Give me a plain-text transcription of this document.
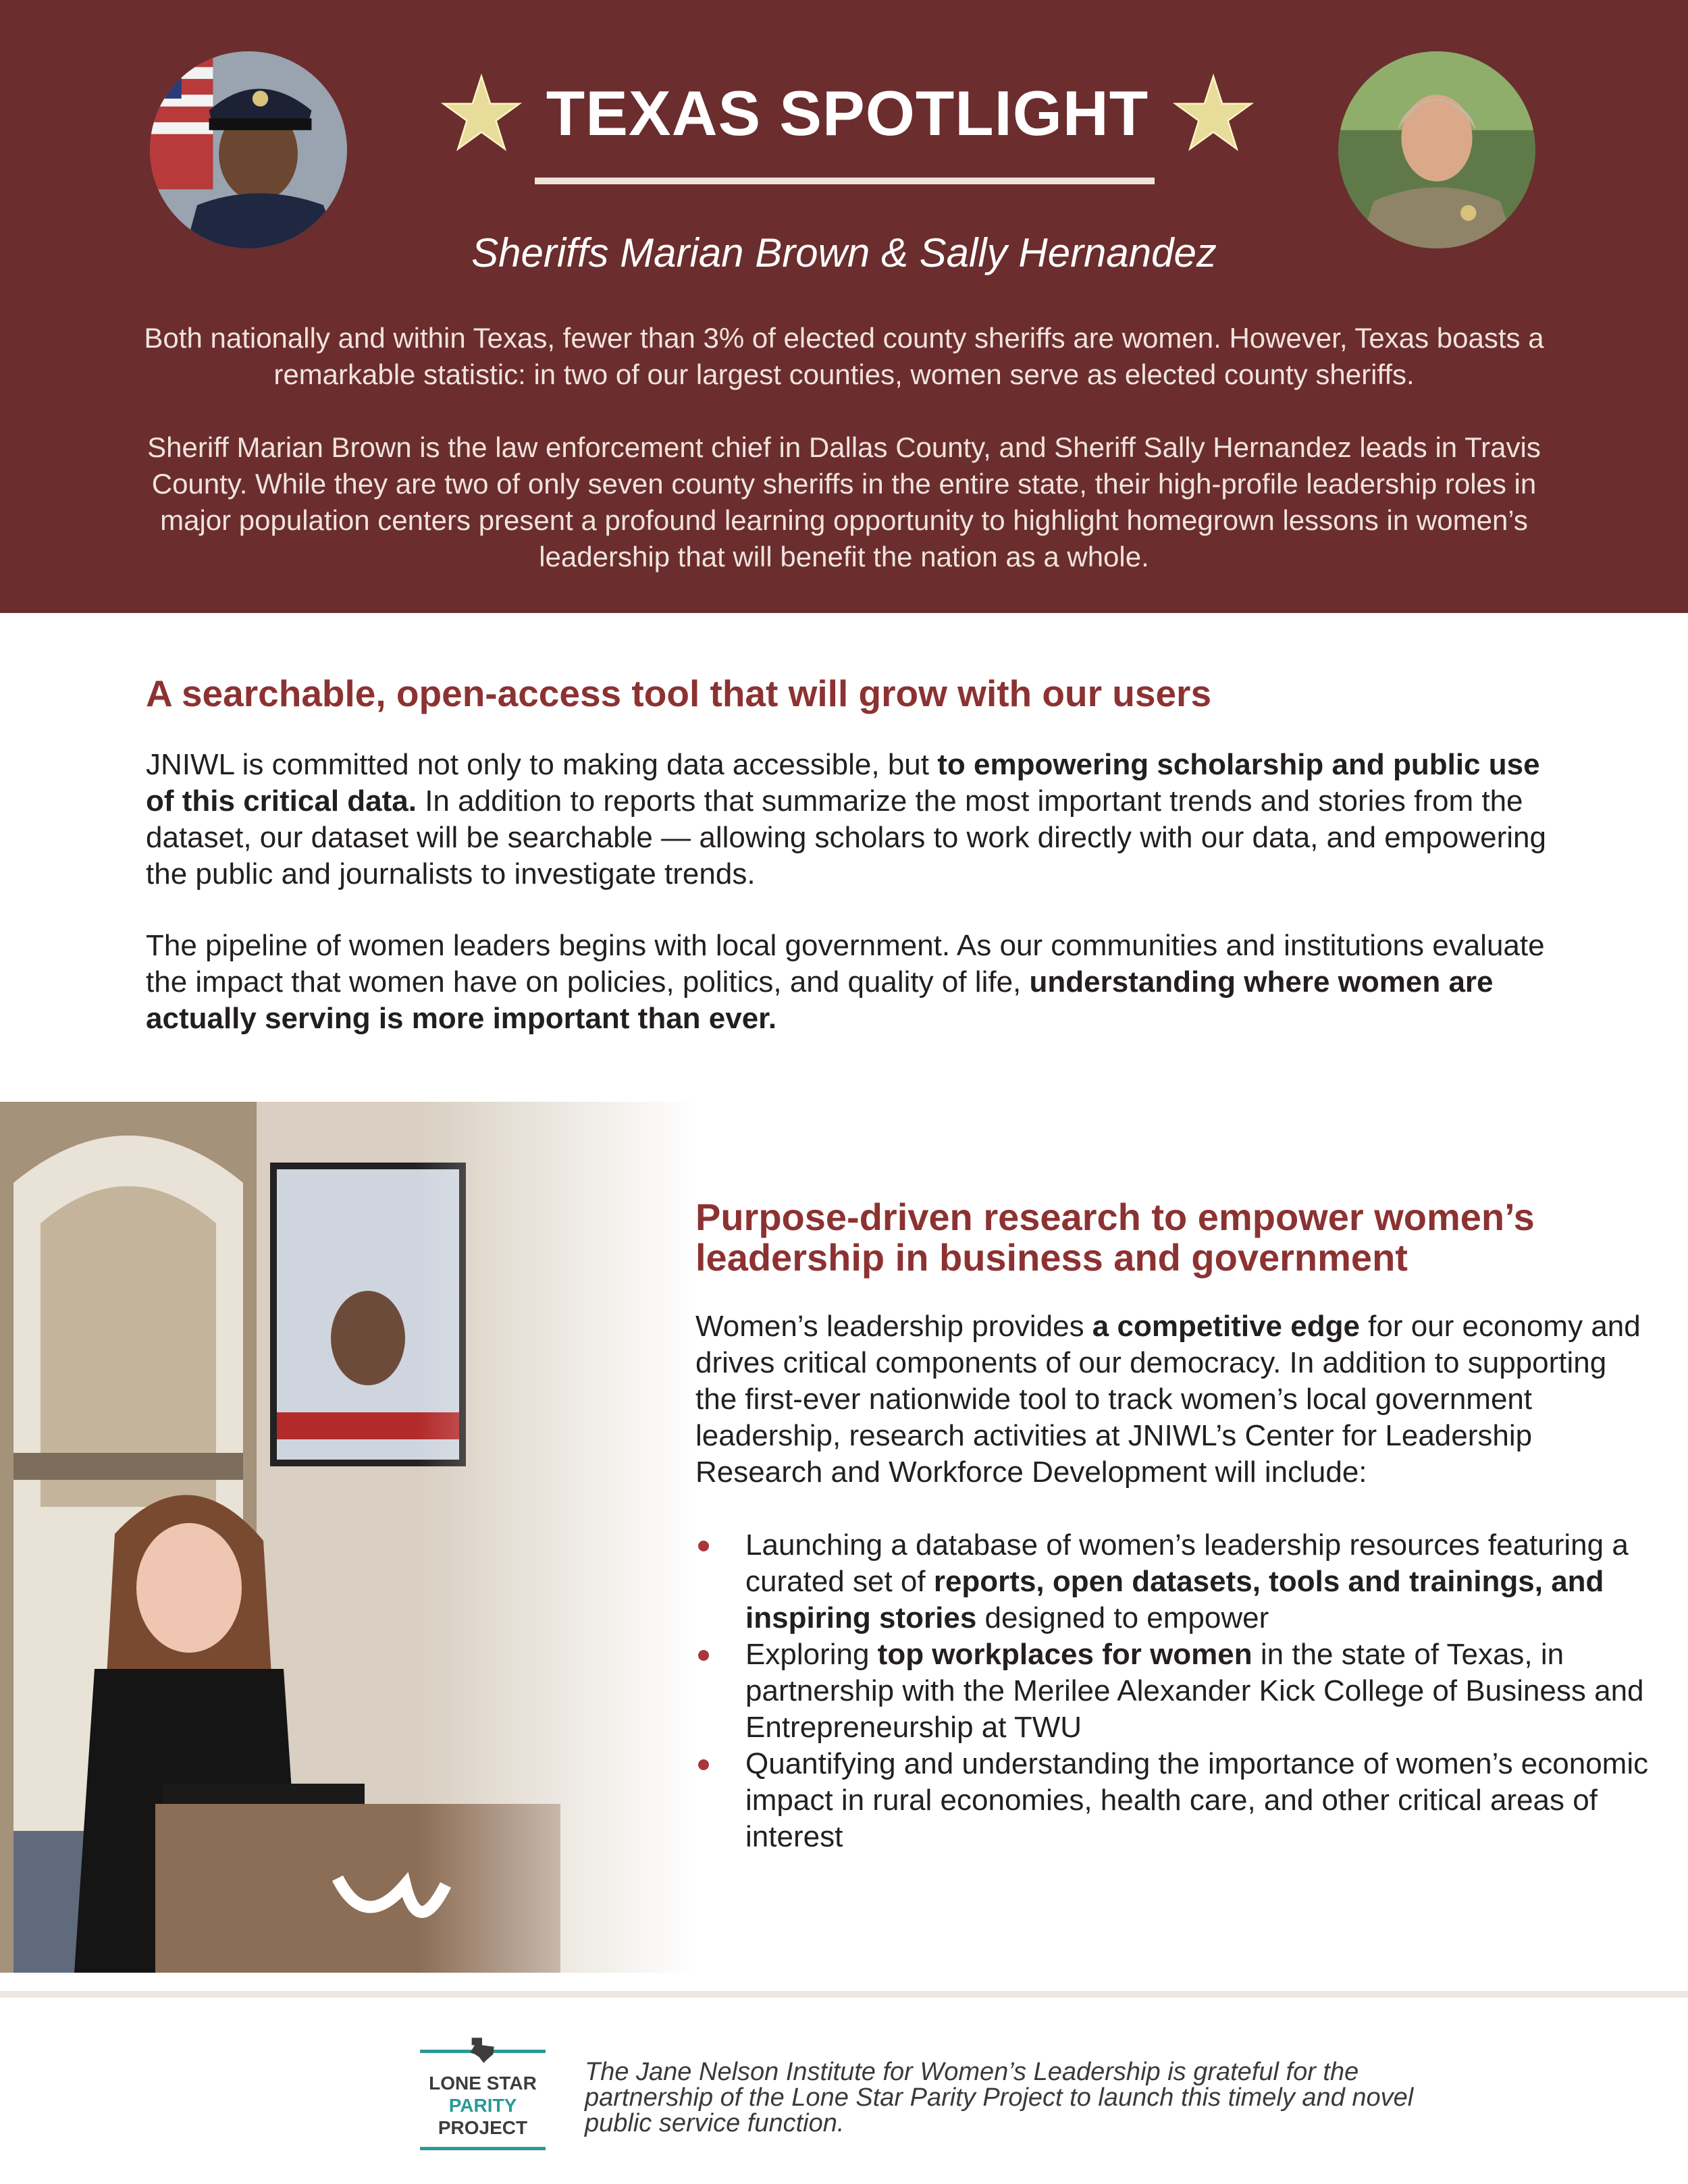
TEXAS SPOTLIGHT
Sheriffs Marian Brown & Sally Hernandez

Both nationally and within Texas, fewer than 3% of elected county sheriffs are women. However, Texas boasts a remarkable statistic: in two of our largest counties, women serve as elected county sheriffs.

Sheriff Marian Brown is the law enforcement chief in Dallas County, and Sheriff Sally Hernandez leads in Travis County. While they are two of only seven county sheriffs in the entire state, their high-profile leadership roles in major population centers present a profound learning opportunity to highlight homegrown lessons in women’s leadership that will benefit the nation as a whole.

A searchable, open-access tool that will grow with our users

JNIWL is committed not only to making data accessible, but to empowering scholarship and public use of this critical data. In addition to reports that summarize the most important trends and stories from the dataset, our dataset will be searchable — allowing scholars to work directly with our data, and empowering the public and journalists to investigate trends.

The pipeline of women leaders begins with local government. As our communities and institutions evaluate the impact that women have on policies, politics, and quality of life, understanding where women are actually serving is more important than ever.

Purpose-driven research to empower women’s leadership in business and government

Women’s leadership provides a competitive edge for our economy and drives critical components of our democracy. In addition to supporting the first-ever nationwide tool to track women’s local government leadership, research activities at JNIWL’s Center for Leadership Research and Workforce Development will include:

Launching a database of women’s leadership resources featuring a curated set of reports, open datasets, tools and trainings, and inspiring stories designed to empower
Exploring top workplaces for women in the state of Texas, in partnership with the Merilee Alexander Kick College of Business and Entrepreneurship at TWU
Quantifying and understanding the importance of women’s economic impact in rural economies, health care, and other critical areas of interest
LONE STAR
PARITY
PROJECT

The Jane Nelson Institute for Women’s Leadership is grateful for the partnership of the Lone Star Parity Project to launch this timely and novel public service function.
